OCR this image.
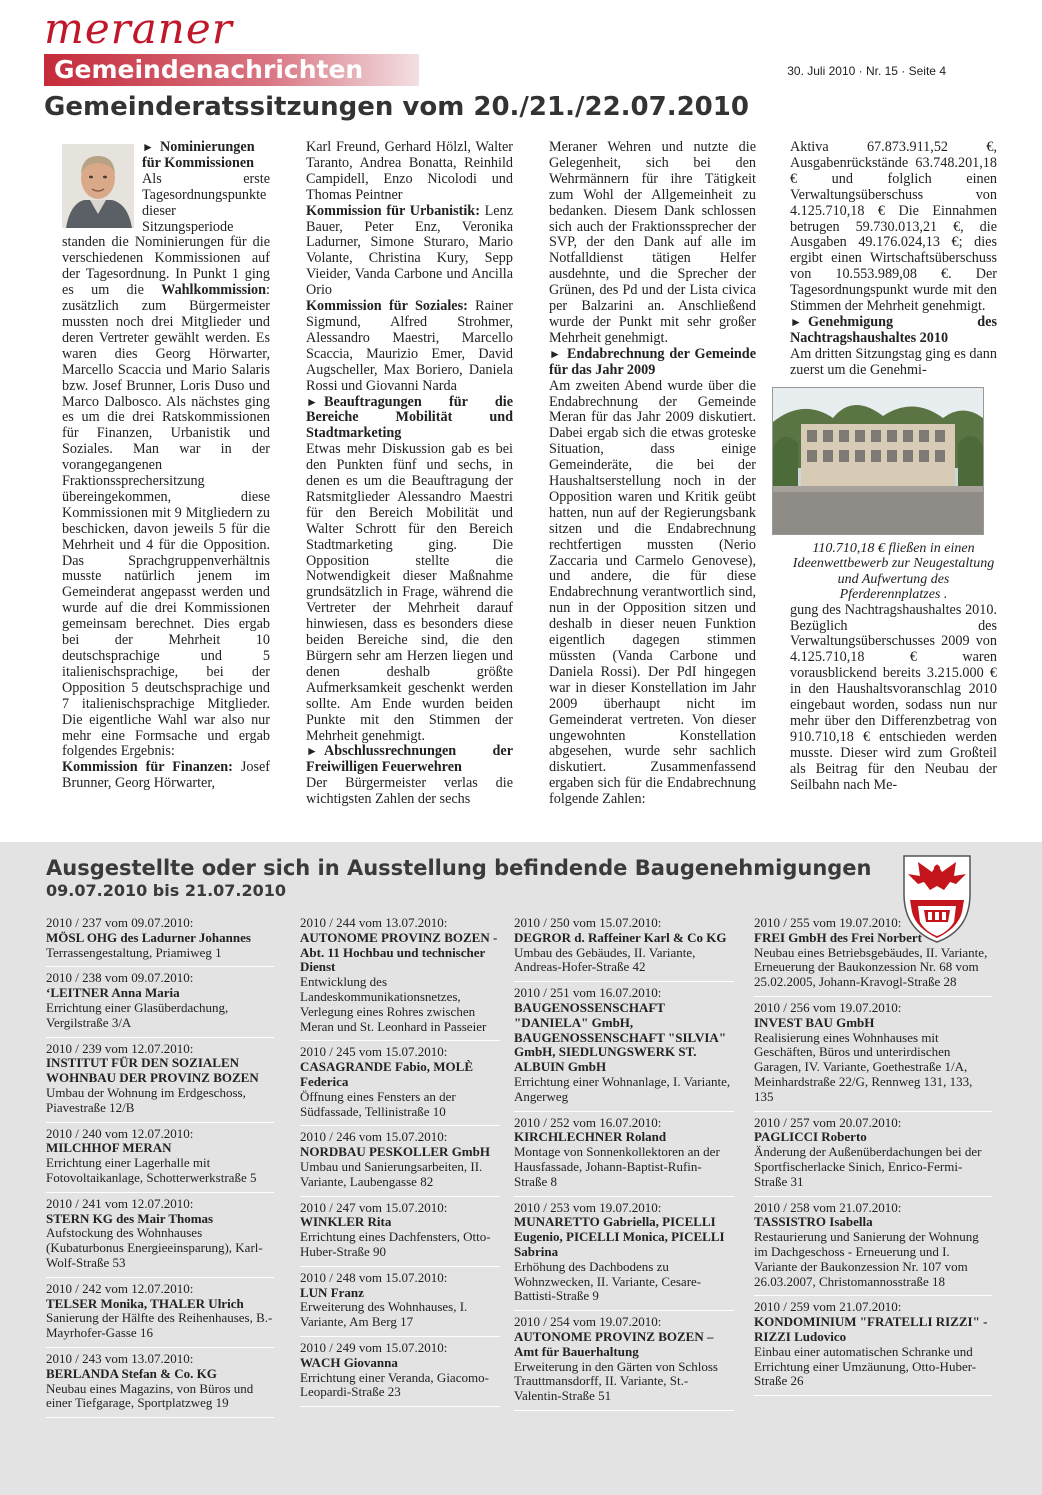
meraner
Gemeindenachrichten	30. Juli 2010 · Nr. 15 · Seite 4
Gemeinderatssitzungen vom 20./21./22.07.2010

► Nominierungen für Kommissionen

Als erste Tagesordnungspunkte dieser Sitzungsperiode standen die Nominierungen für die verschiedenen Kommissionen auf der Tagesordnung. In Punkt 1 ging es um die Wahlkommission: zusätzlich zum Bürgermeister mussten noch drei Mitglieder und deren Vertreter gewählt werden. Es waren dies Georg Hörwarter, Marcello Scaccia und Mario Salaris bzw. Josef Brunner, Loris Duso und Marco Dalbosco. Als nächstes ging es um die drei Ratskommissionen für Finanzen, Urbanistik und Soziales. Man war in der vorangegangenen Fraktionssprechersitzung übereingekommen, diese Kommissionen mit 9 Mitgliedern zu beschicken, davon jeweils 5 für die Mehrheit und 4 für die Opposition. Das Sprachgruppenverhältnis musste natürlich jenem im Gemeinderat angepasst werden und wurde auf die drei Kommissionen gemeinsam berechnet. Dies ergab bei der Mehrheit 10 deutschsprachige und 5 italienischsprachige, bei der Opposition 5 deutschsprachige und 7 italienischsprachige Mitglieder. Die eigentliche Wahl war also nur mehr eine Formsache und ergab folgendes Ergebnis:

Kommission für Finanzen: Josef Brunner, Georg Hörwarter,

Karl Freund, Gerhard Hölzl, Walter Taranto, Andrea Bonatta, Reinhild Campidell, Enzo Nicolodi und Thomas Peintner

Kommission für Urbanistik: Lenz Bauer, Peter Enz, Veronika Ladurner, Simone Sturaro, Mario Volante, Christina Kury, Sepp Vieider, Vanda Carbone und Ancilla Orio

Kommission für Soziales: Rainer Sigmund, Alfred Strohmer, Alessandro Maestri, Marcello Scaccia, Maurizio Emer, David Augscheller, Max Boriero, Daniela Rossi und Giovanni Narda

► Beauftragungen für die Bereiche Mobilität und Stadtmarketing

Etwas mehr Diskussion gab es bei den Punkten fünf und sechs, in denen es um die Beauftragung der Ratsmitglieder Alessandro Maestri für den Bereich Mobilität und Walter Schrott für den Bereich Stadtmarketing ging. Die Opposition stellte die Notwendigkeit dieser Maßnahme grundsätzlich in Frage, während die Vertreter der Mehrheit darauf hinwiesen, dass es besonders diese beiden Bereiche sind, die den Bürgern sehr am Herzen liegen und denen deshalb größte Aufmerksamkeit geschenkt werden sollte. Am Ende wurden beiden Punkte mit den Stimmen der Mehrheit genehmigt.

► Abschlussrechnungen der Freiwilligen Feuerwehren

Der Bürgermeister verlas die wichtigsten Zahlen der sechs

Meraner Wehren und nutzte die Gelegenheit, sich bei den Wehrmännern für ihre Tätigkeit zum Wohl der Allgemeinheit zu bedanken. Diesem Dank schlossen sich auch der Fraktionssprecher der SVP, der den Dank auf alle im Notfalldienst tätigen Helfer ausdehnte, und die Sprecher der Grünen, des Pd und der Lista civica per Balzarini an. Anschließend wurde der Punkt mit sehr großer Mehrheit genehmigt.

► Endabrechnung der Gemeinde für das Jahr 2009

Am zweiten Abend wurde über die Endabrechnung der Gemeinde Meran für das Jahr 2009 diskutiert. Dabei ergab sich die etwas groteske Situation, dass einige Gemeinderäte, die bei der Haushaltserstellung noch in der Opposition waren und Kritik geübt hatten, nun auf der Regierungsbank sitzen und die Endabrechnung rechtfertigen mussten (Nerio Zaccaria und Carmelo Genovese), und andere, die für diese Endabrechnung verantwortlich sind, nun in der Opposition sitzen und deshalb in dieser neuen Funktion eigentlich dagegen stimmen müssten (Vanda Carbone und Daniela Rossi). Der PdI hingegen war in dieser Konstellation im Jahr 2009 überhaupt nicht im Gemeinderat vertreten. Von dieser ungewohnten Konstellation abgesehen, wurde sehr sachlich diskutiert. Zusammenfassend ergaben sich für die Endabrechnung folgende Zahlen:

Aktiva 67.873.911,52 €, Ausgabenrückstände 63.748.201,18 € und folglich einen Verwaltungsüberschuss von 4.125.710,18 € Die Einnahmen betrugen 59.730.013,21 €, die Ausgaben 49.176.024,13 €; dies ergibt einen Wirtschaftsüberschuss von 10.553.989,08 €. Der Tagesordnungspunkt wurde mit den Stimmen der Mehrheit genehmigt.

► Genehmigung des Nachtragshaushaltes 2010

Am dritten Sitzungstag ging es dann zuerst um die Genehmi-

110.710,18 € fließen in einen Ideenwettbewerb zur Neugestaltung und Aufwertung des Pferderennplatzes .

gung des Nachtragshaushaltes 2010. Bezüglich des Verwaltungsüberschusses 2009 von 4.125.710,18 € waren vorausblickend bereits 3.215.000 € in den Haushaltsvoranschlag 2010 eingebaut worden, sodass nun nur mehr über den Differenzbetrag von 910.710,18 € entschieden werden musste. Dieser wird zum Großteil als Beitrag für den Neubau der Seilbahn nach Me-

Ausgestellte oder sich in Ausstellung befindende Baugenehmigungen
09.07.2010 bis 21.07.2010
2010 / 237 vom 09.07.2010:
MÖSL OHG des Ladurner Johannes
Terrassengestaltung, Priamiweg 1
2010 / 238 vom 09.07.2010:
‘LEITNER Anna Maria
Errichtung einer Glasüberdachung, Vergilstraße 3/A
2010 / 239 vom 12.07.2010:
INSTITUT FÜR DEN SOZIALEN WOHNBAU DER PROVINZ BOZEN
Umbau der Wohnung im Erdgeschoss, Piavestraße 12/B
2010 / 240 vom 12.07.2010:
MILCHHOF MERAN
Errichtung einer Lagerhalle mit Fotovoltaikanlage, Schotterwerkstraße 5
2010 / 241 vom 12.07.2010:
STERN KG des Mair Thomas
Aufstockung des Wohnhauses (Kubaturbonus Energieeinsparung), Karl-Wolf-Straße 53
2010 / 242 vom 12.07.2010:
TELSER Monika, THALER Ulrich
Sanierung der Hälfte des Reihenhauses, B.-Mayrhofer-Gasse 16
2010 / 243 vom 13.07.2010:
BERLANDA Stefan & Co. KG
Neubau eines Magazins, von Büros und einer Tiefgarage, Sportplatzweg 19
2010 / 244 vom 13.07.2010:
AUTONOME PROVINZ BOZEN - Abt. 11 Hochbau und technischer Dienst
Entwicklung des Landeskommunikationsnetzes, Verlegung eines Rohres zwischen Meran und St. Leonhard in Passeier
2010 / 245 vom 15.07.2010:
CASAGRANDE Fabio, MOLÈ Federica
Öffnung eines Fensters an der Südfassade, Tellinistraße 10
2010 / 246 vom 15.07.2010:
NORDBAU PESKOLLER GmbH
Umbau und Sanierungsarbeiten, II. Variante, Laubengasse 82
2010 / 247 vom 15.07.2010:
WINKLER Rita
Errichtung eines Dachfensters, Otto-Huber-Straße 90
2010 / 248 vom 15.07.2010:
LUN Franz
Erweiterung des Wohnhauses, I. Variante, Am Berg 17
2010 / 249 vom 15.07.2010:
WACH Giovanna
Errichtung einer Veranda, Giacomo-Leopardi-Straße 23
2010 / 250 vom 15.07.2010:
DEGROR d. Raffeiner Karl & Co KG
Umbau des Gebäudes, II. Variante, Andreas-Hofer-Straße 42
2010 / 251 vom 16.07.2010:
BAUGENOSSENSCHAFT "DANIELA" GmbH, BAUGENOSSENSCHAFT "SILVIA" GmbH, SIEDLUNGSWERK ST. ALBUIN GmbH
Errichtung einer Wohnanlage, I. Variante, Angerweg
2010 / 252 vom 16.07.2010:
KIRCHLECHNER Roland
Montage von Sonnenkollektoren an der Hausfassade, Johann-Baptist-Rufin-Straße 8
2010 / 253 vom 19.07.2010:
MUNARETTO Gabriella, PICELLI Eugenio, PICELLI Monica, PICELLI Sabrina
Erhöhung des Dachbodens zu Wohnzwecken, II. Variante, Cesare-Battisti-Straße 9
2010 / 254 vom 19.07.2010:
AUTONOME PROVINZ BOZEN – Amt für Bauerhaltung
Erweiterung in den Gärten von Schloss Trauttmansdorff, II. Variante, St.-Valentin-Straße 51
2010 / 255 vom 19.07.2010:
FREI GmbH des Frei Norbert
Neubau eines Betriebsgebäudes, II. Variante, Erneuerung der Baukonzession Nr. 68 vom 25.02.2005, Johann-Kravogl-Straße 28
2010 / 256 vom 19.07.2010:
INVEST BAU GmbH
Realisierung eines Wohnhauses mit Geschäften, Büros und unterirdischen Garagen, IV. Variante, Goethestraße 1/A, Meinhardstraße 22/G, Rennweg 131, 133, 135
2010 / 257 vom 20.07.2010:
PAGLICCI Roberto
Änderung der Außenüberdachungen bei der Sportfischerlacke Sinich, Enrico-Fermi-Straße 31
2010 / 258 vom 21.07.2010:
TASSISTRO Isabella
Restaurierung und Sanierung der Wohnung im Dachgeschoss - Erneuerung und I. Variante der Baukonzession Nr. 107 vom 26.03.2007, Christomannosstraße 18
2010 / 259 vom 21.07.2010:
KONDOMINIUM "FRATELLI RIZZI" - RIZZI Ludovico
Einbau einer automatischen Schranke und Errichtung einer Umzäunung, Otto-Huber-Straße 26
